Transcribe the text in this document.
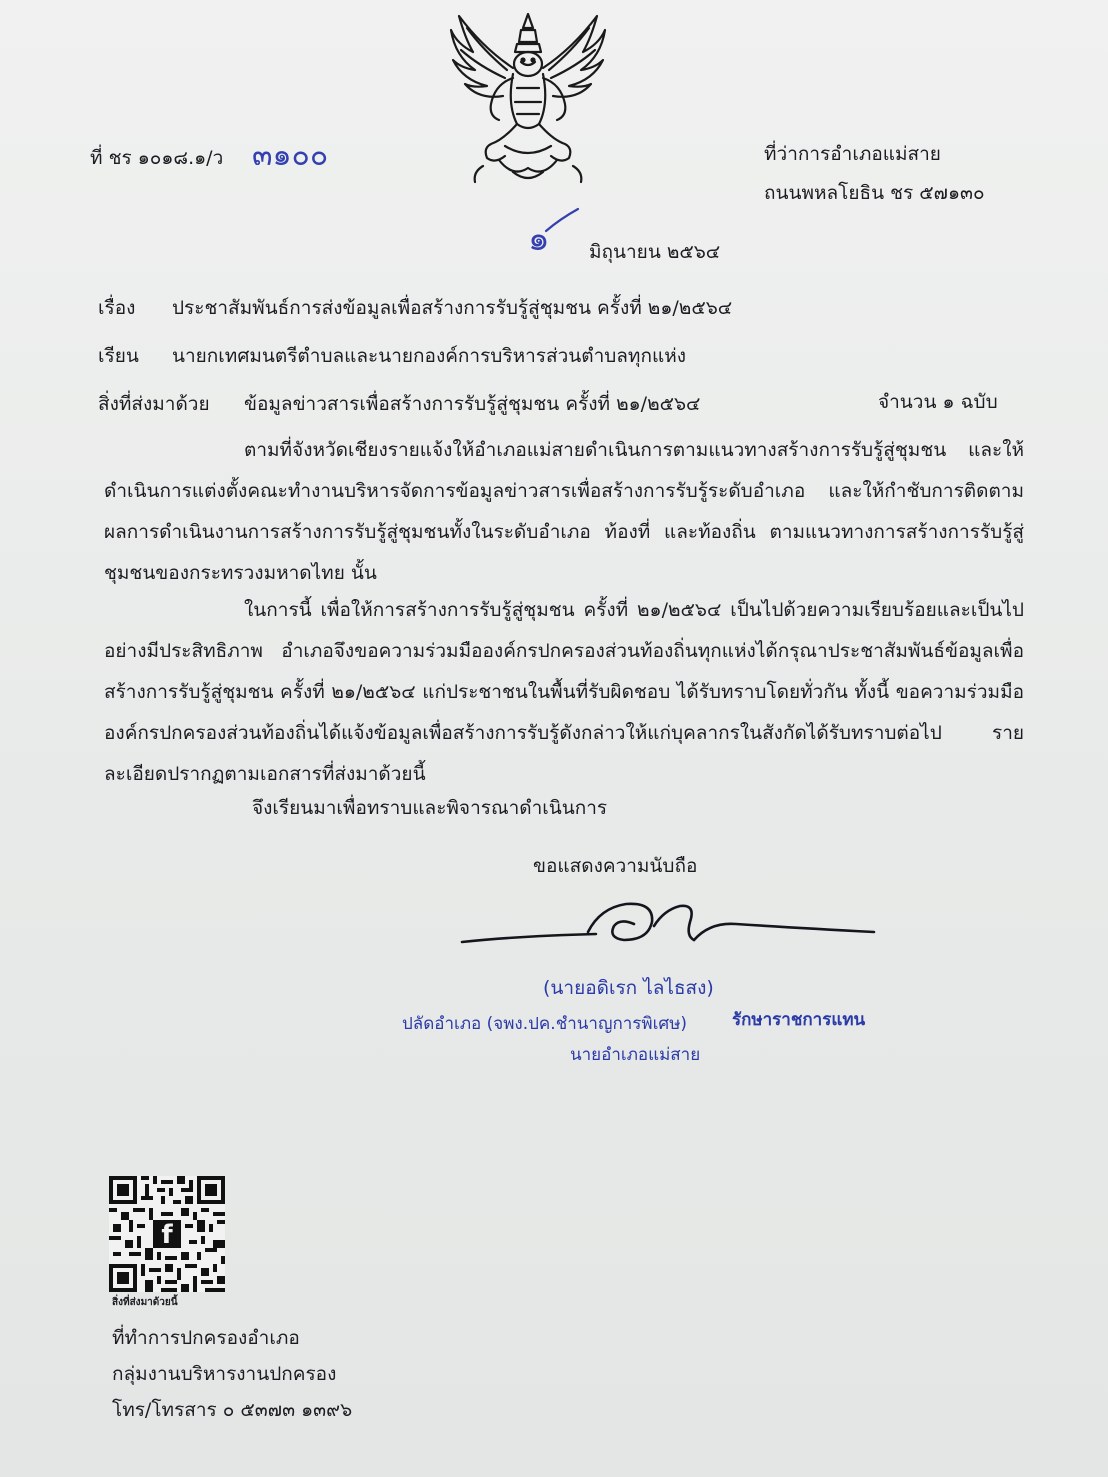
ที่ ชร ๑๐๑๘.๑/ว ๓๑๐๐	ที่ว่าการอำเภอแม่สาย
ถนนพหลโยธิน ชร ๕๗๑๓๐
๑ มิถุนายน ๒๕๖๔
เรื่อง ประชาสัมพันธ์การส่งข้อมูลเพื่อสร้างการรับรู้สู่ชุมชน ครั้งที่ ๒๑/๒๕๖๔
เรียน นายกเทศมนตรีตำบลและนายกองค์การบริหารส่วนตำบลทุกแห่ง
สิ่งที่ส่งมาด้วย ข้อมูลข่าวสารเพื่อสร้างการรับรู้สู่ชุมชน ครั้งที่ ๒๑/๒๕๖๔	จำนวน ๑ ฉบับ
ตามที่จังหวัดเชียงรายแจ้งให้อำเภอแม่สายดำเนินการตามแนวทางสร้างการรับรู้สู่ชุมชน และให้ดำเนินการแต่งตั้งคณะทำงานบริหารจัดการข้อมูลข่าวสารเพื่อสร้างการรับรู้ระดับอำเภอ และให้กำชับการติดตามผลการดำเนินงานการสร้างการรับรู้สู่ชุมชนทั้งในระดับอำเภอ ท้องที่ และท้องถิ่น ตามแนวทางการสร้างการรับรู้สู่ชุมชนของกระทรวงมหาดไทย นั้น
ในการนี้ เพื่อให้การสร้างการรับรู้สู่ชุมชน ครั้งที่ ๒๑/๒๕๖๔ เป็นไปด้วยความเรียบร้อยและเป็นไปอย่างมีประสิทธิภาพ อำเภอจึงขอความร่วมมือองค์กรปกครองส่วนท้องถิ่นทุกแห่งได้กรุณาประชาสัมพันธ์ข้อมูลเพื่อสร้างการรับรู้สู่ชุมชน ครั้งที่ ๒๑/๒๕๖๔ แก่ประชาชนในพื้นที่รับผิดชอบ ได้รับทราบโดยทั่วกัน ทั้งนี้ ขอความร่วมมือองค์กรปกครองส่วนท้องถิ่นได้แจ้งข้อมูลเพื่อสร้างการรับรู้ดังกล่าวให้แก่บุคลากรในสังกัดได้รับทราบต่อไป รายละเอียดปรากฏตามเอกสารที่ส่งมาด้วยนี้
จึงเรียนมาเพื่อทราบและพิจารณาดำเนินการ
ขอแสดงความนับถือ
(นายอดิเรก ไลไธสง)
ปลัดอำเภอ (จพง.ปค.ชำนาญการพิเศษ)	รักษาราชการแทน
นายอำเภอแม่สาย
f
สิ่งที่ส่งมาด้วยนี้
ที่ทำการปกครองอำเภอ
กลุ่มงานบริหารงานปกครอง
โทร/โทรสาร ๐ ๕๓๗๓ ๑๓๙๖
